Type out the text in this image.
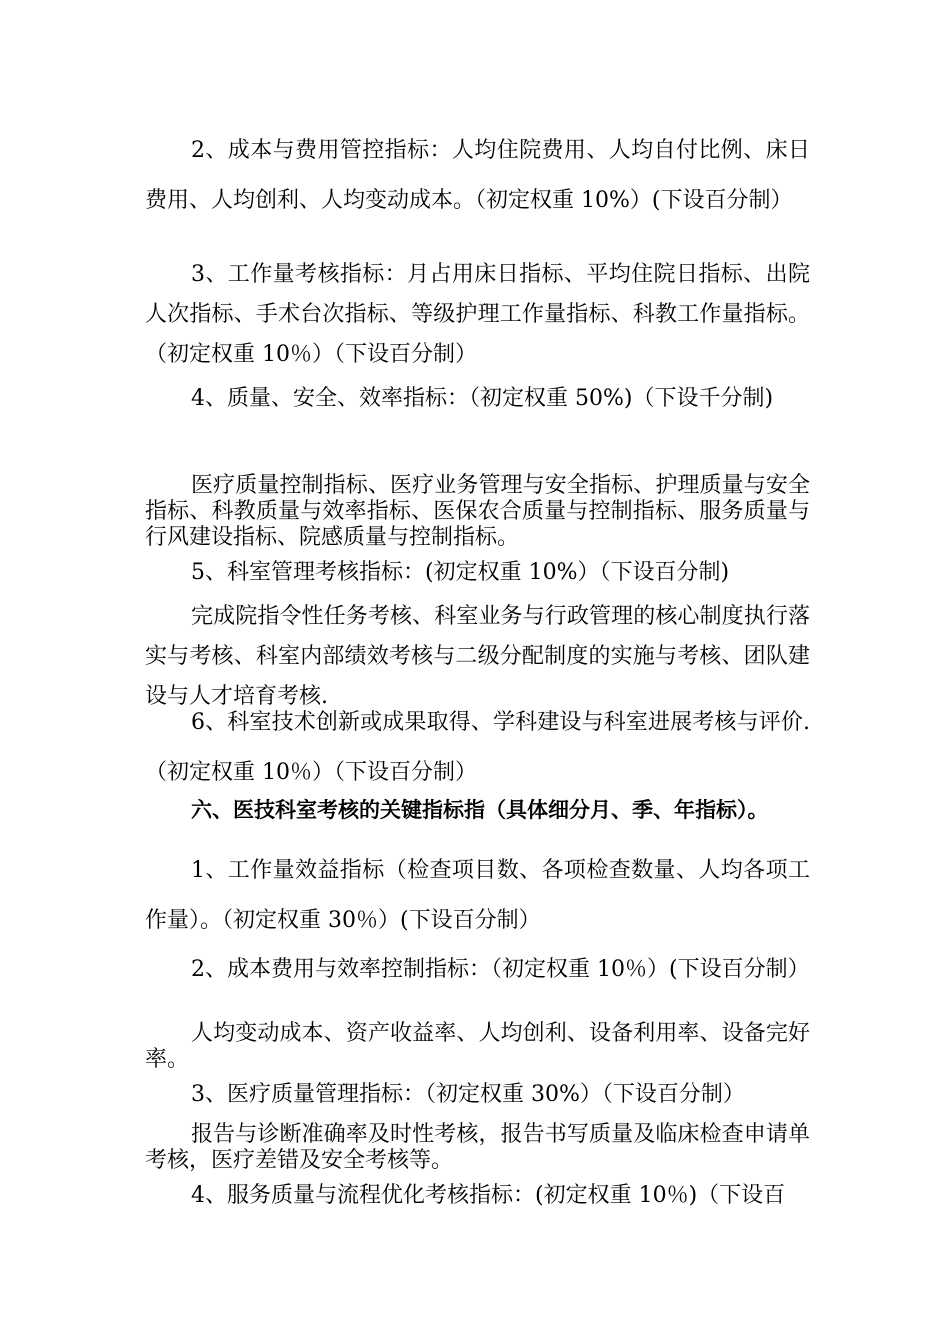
2、成本与费用管控指标：人均住院费用、人均自付比例、床日费用、人均创利、人均变动成本。（初定权重 10%）(下设百分制）

3、工作量考核指标：月占用床日指标、平均住院日指标、出院人次指标、手术台次指标、等级护理工作量指标、科教工作量指标。（初定权重 10％）（下设百分制）

4、质量、安全、效率指标：（初定权重 50%)（下设千分制)

医疗质量控制指标、医疗业务管理与安全指标、护理质量与安全指标、科教质量与效率指标、医保农合质量与控制指标、服务质量与行风建设指标、院感质量与控制指标。

5、科室管理考核指标：(初定权重 10%）（下设百分制)

完成院指令性任务考核、科室业务与行政管理的核心制度执行落实与考核、科室内部绩效考核与二级分配制度的实施与考核、团队建设与人才培育考核.

6、科室技术创新或成果取得、学科建设与科室进展考核与评价.（初定权重 10％）（下设百分制）

六、医技科室考核的关键指标指（具体细分月、季、年指标）。

1、工作量效益指标（检查项目数、各项检查数量、人均各项工作量）。（初定权重 30％）(下设百分制）

2、成本费用与效率控制指标：（初定权重 10％）(下设百分制）

人均变动成本、资产收益率、人均创利、设备利用率、设备完好率。

3、医疗质量管理指标：（初定权重 30%）（下设百分制）

报告与诊断准确率及时性考核，报告书写质量及临床检查申请单考核，医疗差错及安全考核等。

4、服务质量与流程优化考核指标：(初定权重 10％)（下设百
